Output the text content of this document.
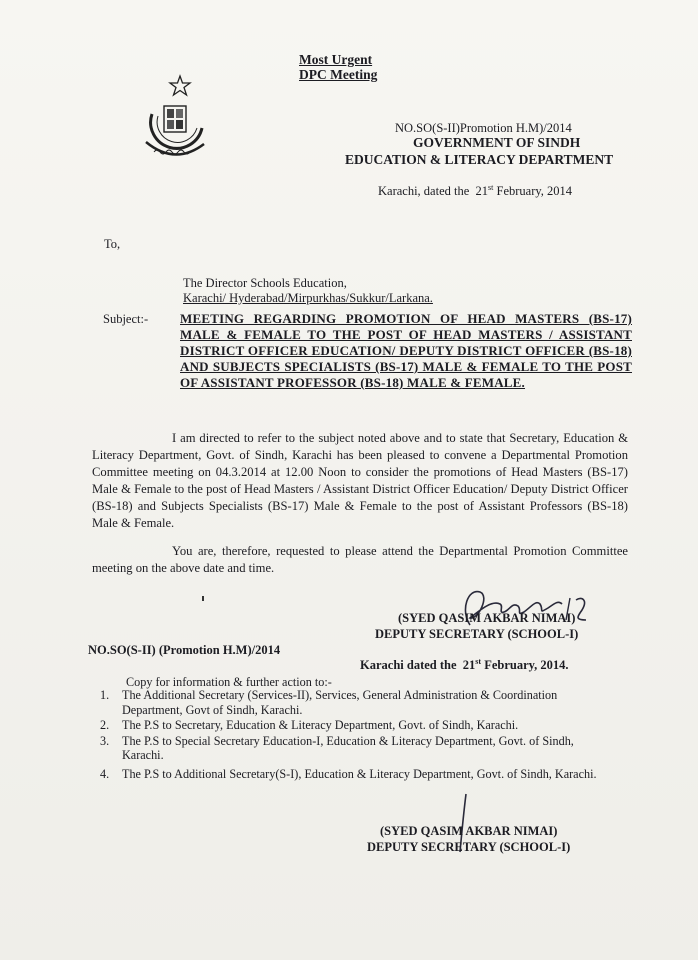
Most Urgent
DPC Meeting
NO.SO(S-II)Promotion H.M)/2014
GOVERNMENT OF SINDH
EDUCATION & LITERACY DEPARTMENT
Karachi, dated the 21st February, 2014
To,
The Director Schools Education,
Karachi/ Hyderabad/Mirpurkhas/Sukkur/Larkana.
Subject:- MEETING REGARDING PROMOTION OF HEAD MASTERS (BS-17) MALE & FEMALE TO THE POST OF HEAD MASTERS / ASSISTANT DISTRICT OFFICER EDUCATION/ DEPUTY DISTRICT OFFICER (BS-18) AND SUBJECTS SPECIALISTS (BS-17) MALE & FEMALE TO THE POST OF ASSISTANT PROFESSOR (BS-18) MALE & FEMALE.
I am directed to refer to the subject noted above and to state that Secretary, Education & Literacy Department, Govt. of Sindh, Karachi has been pleased to convene a Departmental Promotion Committee meeting on 04.3.2014 at 12.00 Noon to consider the promotions of Head Masters (BS-17) Male & Female to the post of Head Masters / Assistant District Officer Education/ Deputy District Officer (BS-18) and Subjects Specialists (BS-17) Male & Female to the post of Assistant Professors (BS-18) Male & Female.
You are, therefore, requested to please attend the Departmental Promotion Committee meeting on the above date and time.
(SYED QASIM AKBAR NIMAI)
DEPUTY SECRETARY (SCHOOL-I)
NO.SO(S-II) (Promotion H.M)/2014
Karachi dated the 21st February, 2014.
Copy for information & further action to:-
1. The Additional Secretary (Services-II), Services, General Administration & Coordination
Department, Govt of Sindh, Karachi.
2. The P.S to Secretary, Education & Literacy Department, Govt. of Sindh, Karachi.
3. The P.S to Special Secretary Education-I, Education & Literacy Department, Govt. of Sindh,
Karachi.
4. The P.S to Additional Secretary(S-I), Education & Literacy Department, Govt. of Sindh, Karachi.
(SYED QASIM AKBAR NIMAI)
DEPUTY SECRETARY (SCHOOL-I)
